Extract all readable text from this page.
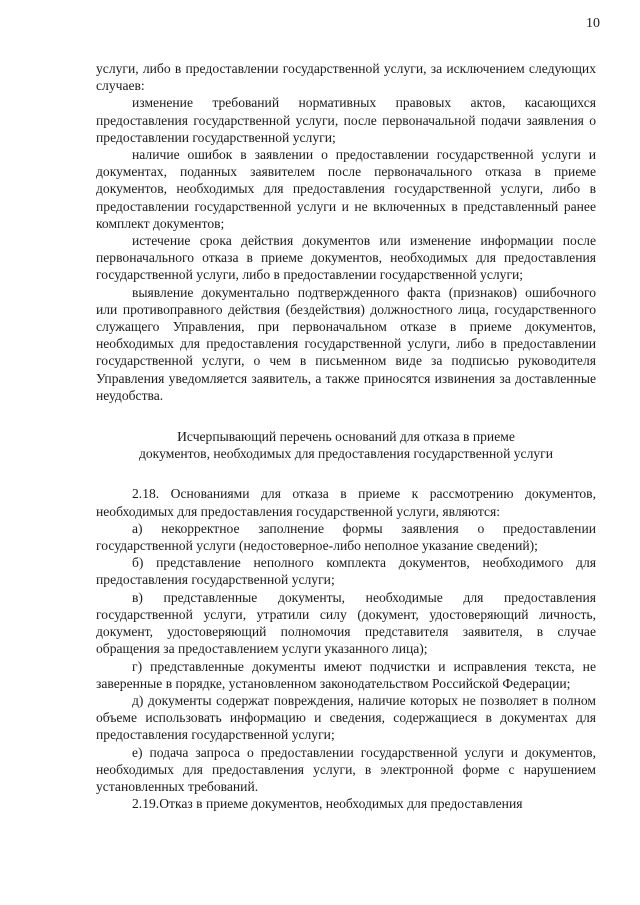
10

услуги, либо в предоставлении государственной услуги, за исключением следующих случаев:

изменение требований нормативных правовых актов, касающихся предоставления государственной услуги, после первоначальной подачи заявления о предоставлении государственной услуги;

наличие ошибок в заявлении о предоставлении государственной услуги и документах, поданных заявителем после первоначального отказа в приеме документов, необходимых для предоставления государственной услуги, либо в предоставлении государственной услуги и не включенных в представленный ранее комплект документов;

истечение срока действия документов или изменение информации после первоначального отказа в приеме документов, необходимых для предоставления государственной услуги, либо в предоставлении государственной услуги;

выявление документально подтвержденного факта (признаков) ошибочного или противоправного действия (бездействия) должностного лица, государственного служащего Управления, при первоначальном отказе в приеме документов, необходимых для предоставления государственной услуги, либо в предоставлении государственной услуги, о чем в письменном виде за подписью руководителя Управления уведомляется заявитель, а также приносятся извинения за доставленные неудобства.

Исчерпывающий перечень оснований для отказа в приеме
документов, необходимых для предоставления государственной услуги

2.18. Основаниями для отказа в приеме к рассмотрению документов, необходимых для предоставления государственной услуги, являются:

а) некорректное заполнение формы заявления о предоставлении государственной услуги (недостоверное-либо неполное указание сведений);

б) представление неполного комплекта документов, необходимого для предоставления государственной услуги;

в) представленные документы, необходимые для предоставления государственной услуги, утратили силу (документ, удостоверяющий личность, документ, удостоверяющий полномочия представителя заявителя, в случае обращения за предоставлением услуги указанного лица);

г) представленные документы имеют подчистки и исправления текста, не заверенные в порядке, установленном законодательством Российской Федерации;

д) документы содержат повреждения, наличие которых не позволяет в полном объеме использовать информацию и сведения, содержащиеся в документах для предоставления государственной услуги;

е) подача запроса о предоставлении государственной услуги и документов, необходимых для предоставления услуги, в электронной форме с нарушением установленных требований.

2.19.Отказ в приеме документов, необходимых для предоставления
